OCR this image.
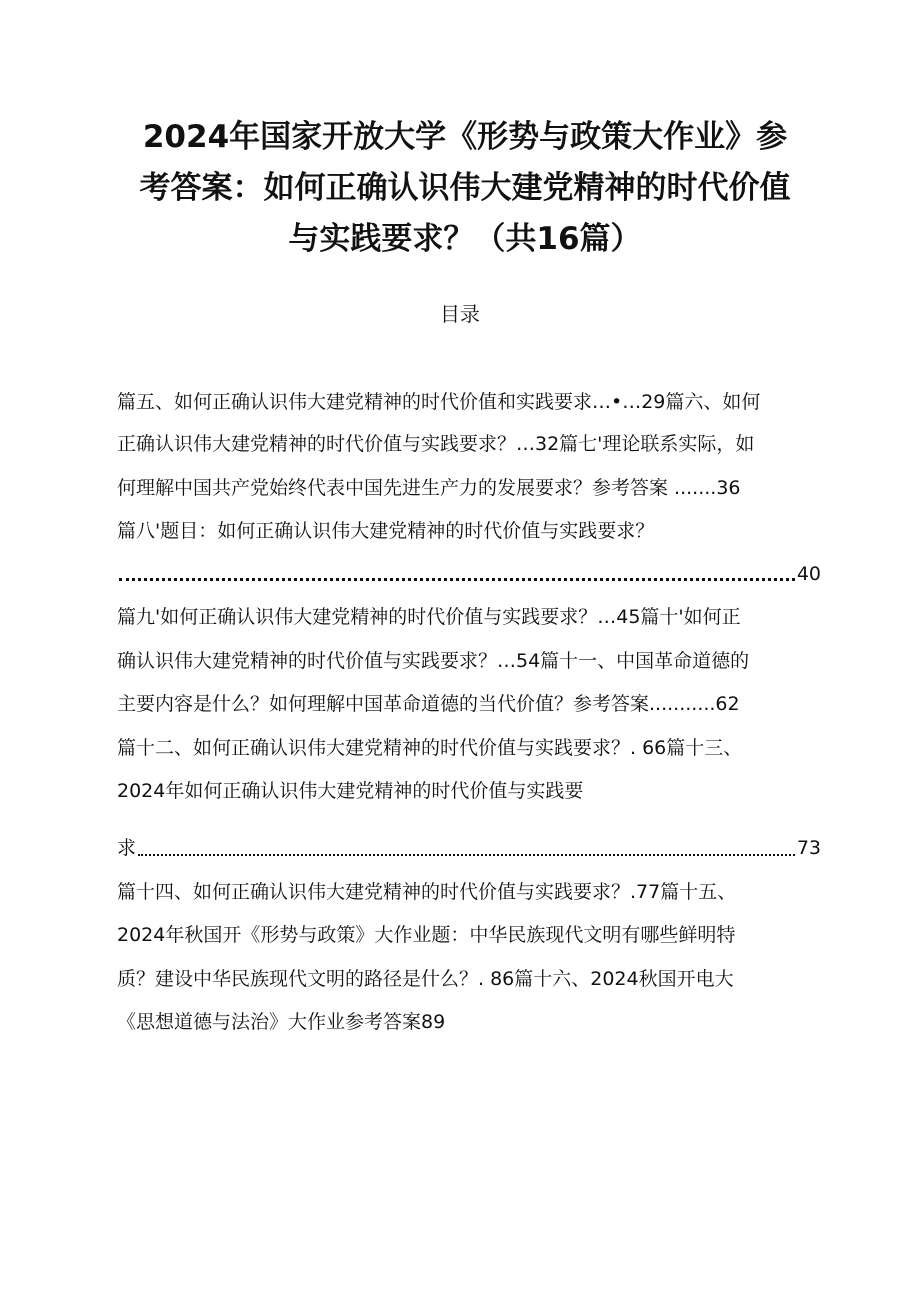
2024年国家开放大学《形势与政策大作业》参
考答案：如何正确认识伟大建党精神的时代价值
与实践要求？（共16篇）
目录
篇五、如何正确认识伟大建党精神的时代价值和实践要求…•…29篇六、如何
正确认识伟大建党精神的时代价值与实践要求？…32篇七'理论联系实际，如
何理解中国共产党始终代表中国先进生产力的发展要求？参考答案 .......36
篇八'题目：如何正确认识伟大建党精神的时代价值与实践要求？
40
篇九'如何正确认识伟大建党精神的时代价值与实践要求？…45篇十'如何正
确认识伟大建党精神的时代价值与实践要求？…54篇十一、中国革命道德的
主要内容是什么？如何理解中国革命道德的当代价值？参考答案...........62
篇十二、如何正确认识伟大建党精神的时代价值与实践要求？. 66篇十三、
2024年如何正确认识伟大建党精神的时代价值与实践要
求	73
篇十四、如何正确认识伟大建党精神的时代价值与实践要求？.77篇十五、
2024年秋国开《形势与政策》大作业题：中华民族现代文明有哪些鲜明特
质？建设中华民族现代文明的路径是什么？. 86篇十六、2024秋国开电大
《思想道德与法治》大作业参考答案89
